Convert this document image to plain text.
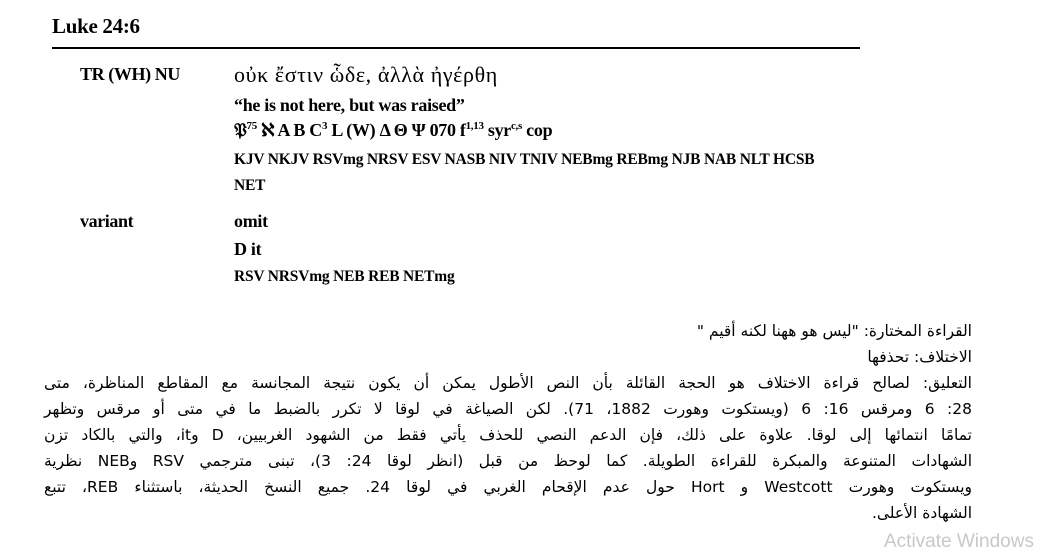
Luke 24:6
TR (WH) NU οὐκ ἔστιν ὧδε, ἀλλὰ ἠγέρθη
“he is not here, but was raised”
𝔓$^{75}$ ℵ A B $C^3$ L (W) Δ Θ Ψ 070 $f^{1,13}$ syr$^{c,s}$ cop
KJV NKJV RSVmg NRSV ESV NASB NIV TNIV NEBmg REBmg NJB NAB NLT HCSB
NET
variant	omit
D it
RSV NRSVmg NEB REB NETmg
القراءة المختارة: "ليس هو ههنا لكنه أقيم "
الاختلاف: تحذفها
التعليق: لصالح قراءة الاختلاف هو الحجة القائلة بأن النص الأطول يمكن أن يكون نتيجة المجانسة مع المقاطع المناظرة، متى
28: 6 ومرقس 16: 6 (ويستكوت وهورت 1882، 71). لكن الصياغة في لوقا لا تكرر بالضبط ما في متى أو مرقس وتظهر
تمامًا انتمائها إلى لوقا. علاوة على ذلك، فإن الدعم النصي للحذف يأتي فقط من الشهود الغربيين، D وit، والتي بالكاد تزن
الشهادات المتنوعة والمبكرة للقراءة الطويلة. كما لوحظ من قبل (انظر لوقا 24: 3)، تبنى مترجمي RSV وNEB نظرية
ويستكوت وهورت Westcott و Hort حول عدم الإقحام الغربي في لوقا 24. جميع النسخ الحديثة، باستثناء REB، تتبع
الشهادة الأعلى.
Activate Windows
